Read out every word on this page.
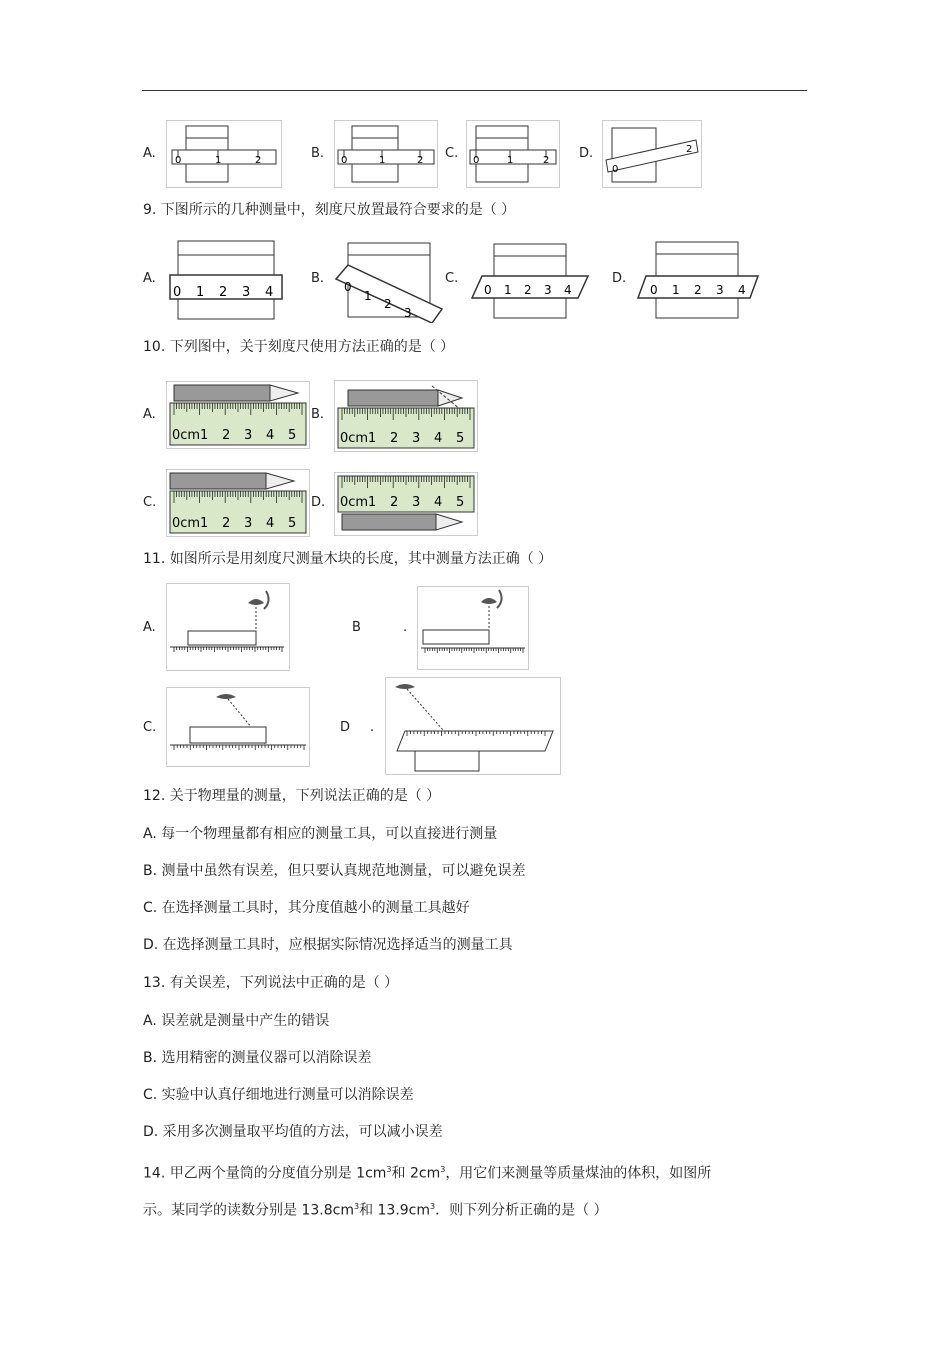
A. 0	1	2	B. 0	1	2 C. 0	1	2 D.
0
2
9. 下图所示的几种测量中，刻度尺放置最符合要求的是（ ）
A.
0 1 2 3 4
B.
0
1
2
3
C.
0 1 2 3 4
D.
0 1 2 3 4
10. 下列图中，关于刻度尺使用方法正确的是（ ）
A.
0cm 1 2 3 4 5
B.
0cm 1 2 3 4 5
C.
0cm 1 2 3 4 5
D. 0cm 1 2 3 4 5
11. 如图所示是用刻度尺测量木块的长度，其中测量方法正确（ ）
A.	B	.
C.	D .
12. 关于物理量的测量，下列说法正确的是（ ）
A. 每一个物理量都有相应的测量工具，可以直接进行测量
B. 测量中虽然有误差，但只要认真规范地测量，可以避免误差
C. 在选择测量工具时，其分度值越小的测量工具越好
D. 在选择测量工具时，应根据实际情况选择适当的测量工具
13. 有关误差，下列说法中正确的是（ ）
A. 误差就是测量中产生的错误
B. 选用精密的测量仪器可以消除误差
C. 实验中认真仔细地进行测量可以消除误差
D. 采用多次测量取平均值的方法，可以减小误差
14. 甲乙两个量筒的分度值分别是 $1cm^3$和 $2cm^3$，用它们来测量等质量煤油的体积，如图所
示。某同学的读数分别是 $13.8cm^3$和 $13.9cm^3$．则下列分析正确的是（ ）
